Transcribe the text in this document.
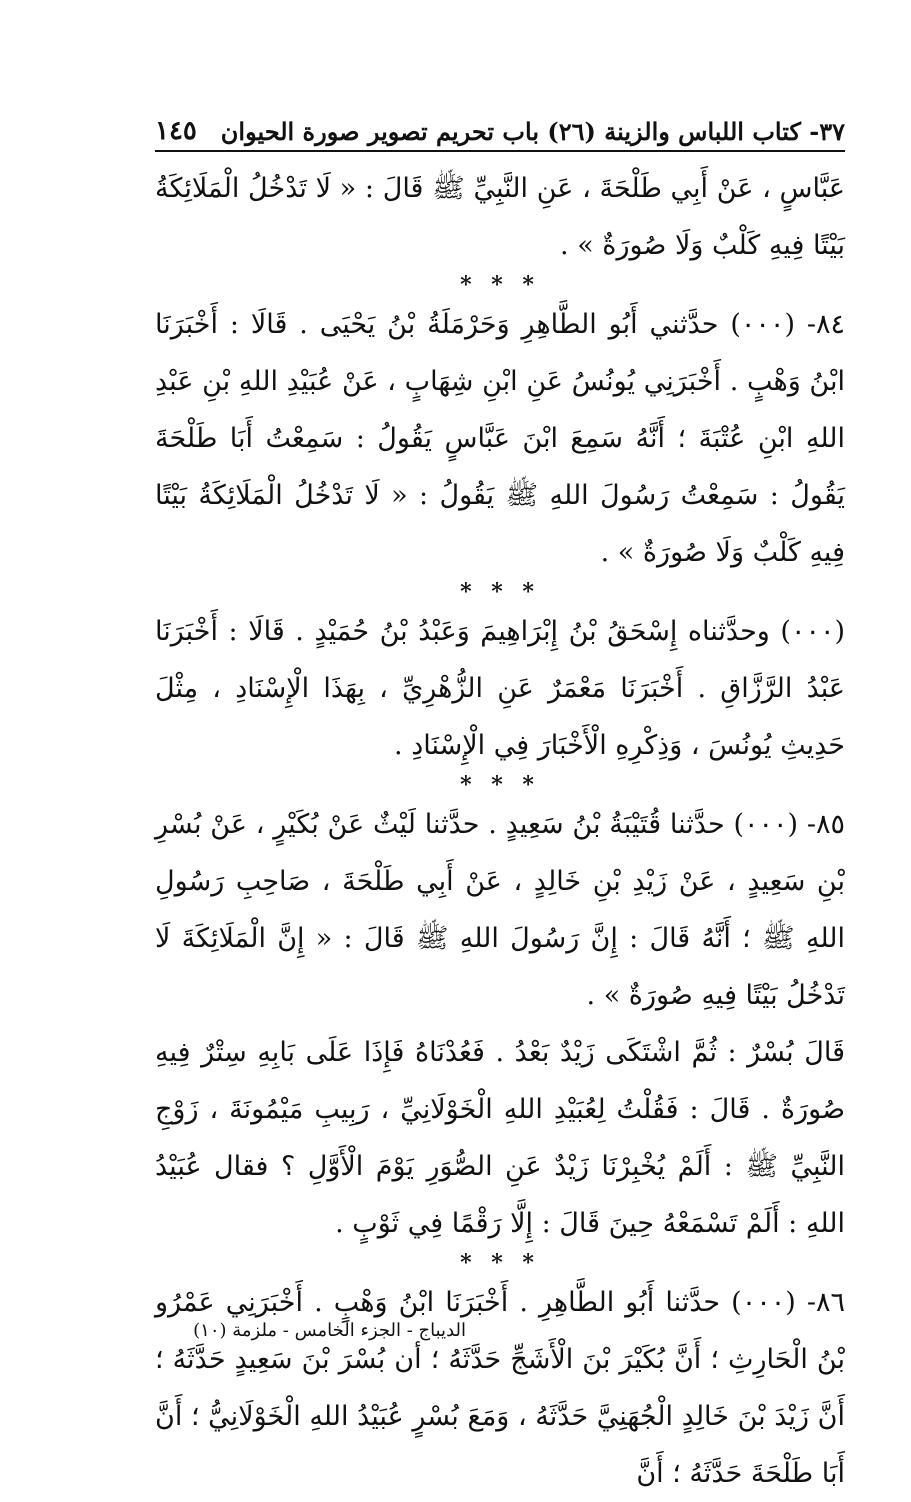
٣٧- كتاب اللباس والزينة (٢٦) باب تحريم تصوير صورة الحيوان
١٤٥

عَبَّاسٍ ، عَنْ أَبِي طَلْحَةَ ، عَنِ النَّبِيِّ ﷺ قَالَ : « لَا تَدْخُلُ الْمَلَائِكَةُ بَيْتًا فِيهِ كَلْبٌ وَلَا صُورَةٌ » .

* * *

٨٤- (٠٠٠) حدَّثني أَبُو الطَّاهِرِ وَحَرْمَلَةُ بْنُ يَحْيَى . قَالَا : أَخْبَرَنَا ابْنُ وَهْبٍ . أَخْبَرَنِي يُونُسُ عَنِ ابْنِ شِهَابٍ ، عَنْ عُبَيْدِ اللهِ بْنِ عَبْدِ اللهِ ابْنِ عُتْبَةَ ؛ أَنَّهُ سَمِعَ ابْنَ عَبَّاسٍ يَقُولُ : سَمِعْتُ أَبَا طَلْحَةَ يَقُولُ : سَمِعْتُ رَسُولَ اللهِ ﷺ يَقُولُ : « لَا تَدْخُلُ الْمَلَائِكَةُ بَيْتًا فِيهِ كَلْبٌ وَلَا صُورَةٌ » .

* * *

(٠٠٠) وحدَّثناه إِسْحَقُ بْنُ إِبْرَاهِيمَ وَعَبْدُ بْنُ حُمَيْدٍ . قَالَا : أَخْبَرَنَا عَبْدُ الرَّزَّاقِ . أَخْبَرَنَا مَعْمَرٌ عَنِ الزُّهْرِيِّ ، بِهَذَا الْإِسْنَادِ ، مِثْلَ حَدِيثِ يُونُسَ ، وَذِكْرِهِ الْأَخْبَارَ فِي الْإِسْنَادِ .

* * *

٨٥- (٠٠٠) حدَّثنا قُتَيْبَةُ بْنُ سَعِيدٍ . حدَّثنا لَيْثٌ عَنْ بُكَيْرٍ ، عَنْ بُسْرِ بْنِ سَعِيدٍ ، عَنْ زَيْدِ بْنِ خَالِدٍ ، عَنْ أَبِي طَلْحَةَ ، صَاحِبِ رَسُولِ اللهِ ﷺ ؛ أَنَّهُ قَالَ : إِنَّ رَسُولَ اللهِ ﷺ قَالَ : « إِنَّ الْمَلَائِكَةَ لَا تَدْخُلُ بَيْتًا فِيهِ صُورَةٌ » .

قَالَ بُسْرٌ : ثُمَّ اشْتَكَى زَيْدٌ بَعْدُ . فَعُدْنَاهُ فَإِذَا عَلَى بَابِهِ سِتْرٌ فِيهِ صُورَةٌ . قَالَ : فَقُلْتُ لِعُبَيْدِ اللهِ الْخَوْلَانِيِّ ، رَبِيبِ مَيْمُونَةَ ، زَوْجِ النَّبِيِّ ﷺ : أَلَمْ يُخْبِرْنَا زَيْدٌ عَنِ الصُّوَرِ يَوْمَ الْأَوَّلِ ؟ فقال عُبَيْدُ اللهِ : أَلَمْ تَسْمَعْهُ حِينَ قَالَ : إِلَّا رَقْمًا فِي ثَوْبٍ .

* * *

٨٦- (٠٠٠) حدَّثنا أَبُو الطَّاهِرِ . أَخْبَرَنَا ابْنُ وَهْبٍ . أَخْبَرَنِي عَمْرُو بْنُ الْحَارِثِ ؛ أَنَّ بُكَيْرَ بْنَ الْأَشَجِّ حَدَّثَهُ ؛ أن بُسْرَ بْنَ سَعِيدٍ حَدَّثَهُ ؛ أَنَّ زَيْدَ بْنَ خَالِدٍ الْجُهَنِيَّ حَدَّثَهُ ، وَمَعَ بُسْرٍ عُبَيْدُ اللهِ الْخَوْلَانِيُّ ؛ أَنَّ أَبَا طَلْحَةَ حَدَّثَهُ ؛ أَنَّ

الديباج - الجزء الخامس - ملزمة (١٠)
